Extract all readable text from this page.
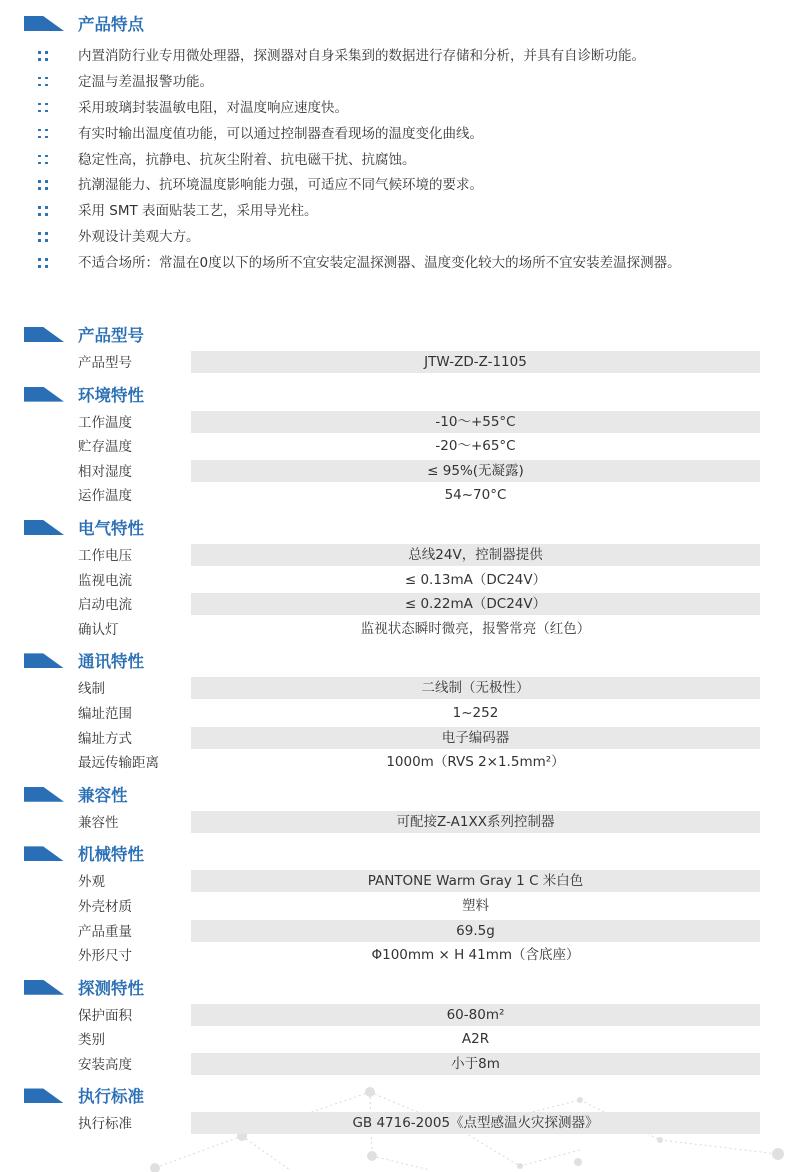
产品特点
内置消防行业专用微处理器，探测器对自身采集到的数据进行存储和分析，并具有自诊断功能。
定温与差温报警功能。
采用玻璃封装温敏电阻，对温度响应速度快。
有实时输出温度值功能，可以通过控制器查看现场的温度变化曲线。
稳定性高，抗静电、抗灰尘附着、抗电磁干扰、抗腐蚀。
抗潮湿能力、抗环境温度影响能力强，可适应不同气候环境的要求。
采用 SMT 表面贴装工艺，采用导光柱。
外观设计美观大方。
不适合场所：常温在0度以下的场所不宜安装定温探测器、温度变化较大的场所不宜安装差温探测器。
产品型号
产品型号	JTW-ZD-Z-1105
环境特性
工作温度	-10～+55°C
贮存温度	-20～+65°C
相对湿度	≤ 95%(无凝露)
运作温度	54~70°C
电气特性
工作电压	总线24V，控制器提供
监视电流	≤ 0.13mA（DC24V）
启动电流	≤ 0.22mA（DC24V）
确认灯	监视状态瞬时微亮，报警常亮（红色）
通讯特性
线制	二线制（无极性）
编址范围	1~252
编址方式	电子编码器
最远传输距离	1000m（RVS 2×1.5mm²）
兼容性
兼容性	可配接Z-A1XX系列控制器
机械特性
外观	PANTONE Warm Gray 1 C 米白色
外壳材质	塑料
产品重量	69.5g
外形尺寸	Φ100mm × H 41mm（含底座）
探测特性
保护面积	60-80m²
类别	A2R
安装高度	小于8m
执行标准
执行标准	GB 4716-2005《点型感温火灾探测器》
